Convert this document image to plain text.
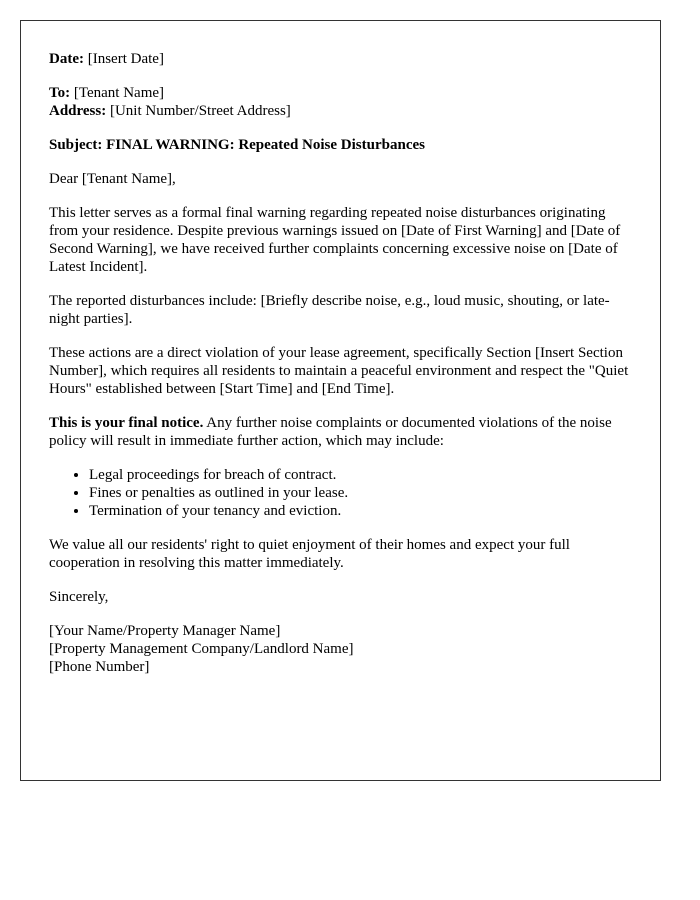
Date: [Insert Date]

To: [Tenant Name]
Address: [Unit Number/Street Address]

Subject: FINAL WARNING: Repeated Noise Disturbances

Dear [Tenant Name],

This letter serves as a formal final warning regarding repeated noise disturbances originating from your residence. Despite previous warnings issued on [Date of First Warning] and [Date of Second Warning], we have received further complaints concerning excessive noise on [Date of Latest Incident].

The reported disturbances include: [Briefly describe noise, e.g., loud music, shouting, or late-night parties].

These actions are a direct violation of your lease agreement, specifically Section [Insert Section Number], which requires all residents to maintain a peaceful environment and respect the "Quiet Hours" established between [Start Time] and [End Time].

This is your final notice. Any further noise complaints or documented violations of the noise policy will result in immediate further action, which may include:

• Legal proceedings for breach of contract.
• Fines or penalties as outlined in your lease.
• Termination of your tenancy and eviction.

We value all our residents' right to quiet enjoyment of their homes and expect your full cooperation in resolving this matter immediately.

Sincerely,

[Your Name/Property Manager Name]
[Property Management Company/Landlord Name]
[Phone Number]
